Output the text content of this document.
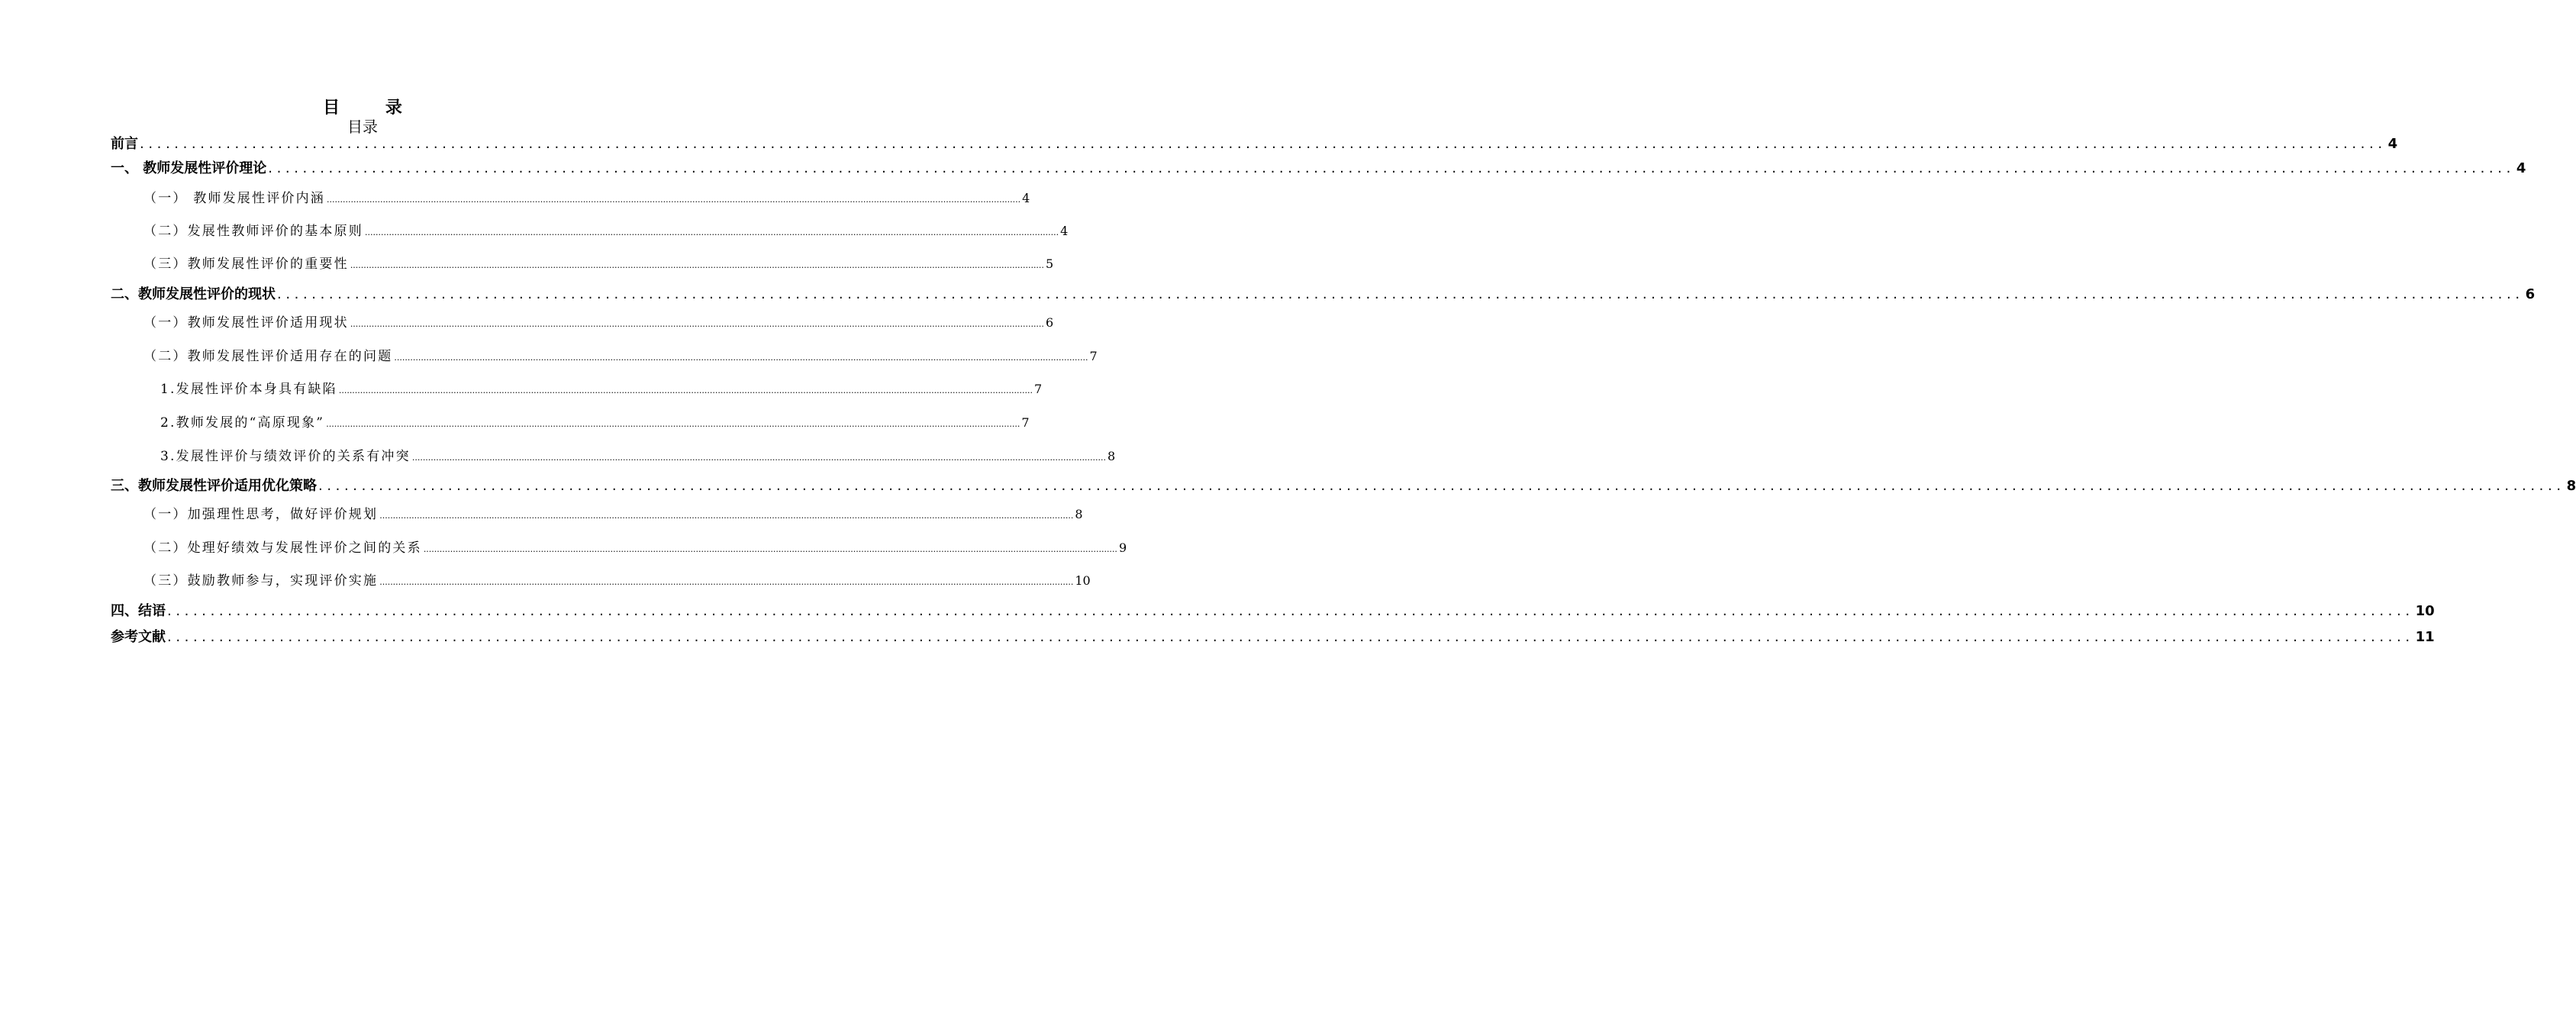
目 录
目录
前言 .................................................................................................................................................................................................................................................................... 4
一、 教师发展性评价理论 .................................................................................................................................................................................................................................................................... 4
（一） 教师发展性评价内涵 .................................................................................................................................................................................................................................................................... 4
（二）发展性教师评价的基本原则 .................................................................................................................................................................................................................................................................... 4
（三）教师发展性评价的重要性 .................................................................................................................................................................................................................................................................... 5
二、教师发展性评价的现状 .................................................................................................................................................................................................................................................................... 6
（一）教师发展性评价适用现状 .................................................................................................................................................................................................................................................................... 6
（二）教师发展性评价适用存在的问题 .................................................................................................................................................................................................................................................................... 7
1.发展性评价本身具有缺陷 .................................................................................................................................................................................................................................................................... 7
2.教师发展的“高原现象” .................................................................................................................................................................................................................................................................... 7
3.发展性评价与绩效评价的关系有冲突 .................................................................................................................................................................................................................................................................... 8
三、教师发展性评价适用优化策略 .................................................................................................................................................................................................................................................................... 8
（一）加强理性思考，做好评价规划 .................................................................................................................................................................................................................................................................... 8
（二）处理好绩效与发展性评价之间的关系 .................................................................................................................................................................................................................................................................... 9
（三）鼓励教师参与，实现评价实施 .................................................................................................................................................................................................................................................................... 10
四、结语 .................................................................................................................................................................................................................................................................... 10
参考文献 .................................................................................................................................................................................................................................................................... 11
